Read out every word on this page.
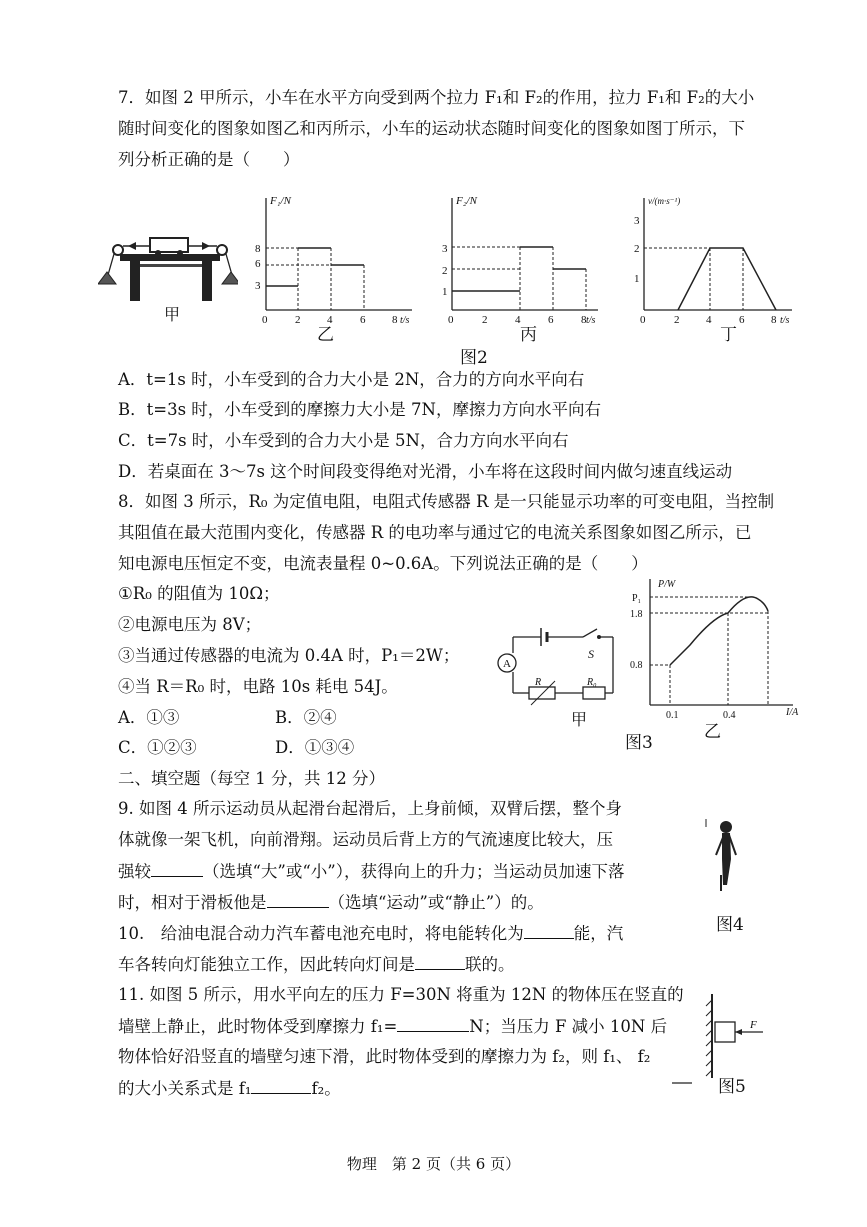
7．如图 2 甲所示，小车在水平方向受到两个拉力 F₁和 F₂的作用，拉力 F₁和 F₂的大小
随时间变化的图象如图乙和丙所示，小车的运动状态随时间变化的图象如图丁所示，下
列分析正确的是（　　）
甲
F₁/N
t/s
3
6
8
0	2 4	6 8
乙
F₂/N
t/s
1
2
3
0	2	4	6	8
丙
v/(m·s⁻¹)
t/s
1
2
3
0	2 4	6 8
丁
图2
A．t=1s 时，小车受到的合力大小是 2N，合力的方向水平向右
B．t=3s 时，小车受到的摩擦力大小是 7N，摩擦力方向水平向右
C．t=7s 时，小车受到的合力大小是 5N，合力方向水平向右
D．若桌面在 3～7s 这个时间段变得绝对光滑，小车将在这段时间内做匀速直线运动
8．如图 3 所示，R₀ 为定值电阻，电阻式传感器 R 是一只能显示功率的可变电阻，当控制
其阻值在最大范围内变化，传感器 R 的电功率与通过它的电流关系图象如图乙所示，已
知电源电压恒定不变，电流表量程 0~0.6A。下列说法正确的是（　　）
①R₀ 的阻值为 10Ω；
②电源电压为 8V；
③当通过传感器的电流为 0.4A 时，P₁＝2W；
④当 R＝R₀ 时，电路 10s 耗电 54J。
A．①③	B．②④
C．①②③	D．①③④
S
A
R	R₀
甲
P/W
I/A
P₁
1.8
0.8
0.1	0.4
乙
图3
二、填空题（每空 1 分，共 12 分）
9. 如图 4 所示运动员从起滑台起滑后，上身前倾，双臂后摆，整个身
体就像一架飞机，向前滑翔。运动员后背上方的气流速度比较大，压
强较	（选填“大”或“小”），获得向上的升力；当运动员加速下落
时，相对于滑板他是	（选填“运动”或“静止”）的。
图4
10.　给油电混合动力汽车蓄电池充电时，将电能转化为	能，汽
车各转向灯能独立工作，因此转向灯间是	联的。
11. 如图 5 所示，用水平向左的压力 F=30N 将重为 12N 的物体压在竖直的
墙壁上静止，此时物体受到摩擦力 f₁=	N；当压力 F 减小 10N 后
物体恰好沿竖直的墙壁匀速下滑，此时物体受到的摩擦力为 f₂，则 f₁、 f₂
的大小关系式是 f₁	f₂。
F
图5
物理　第 2 页（共 6 页）
